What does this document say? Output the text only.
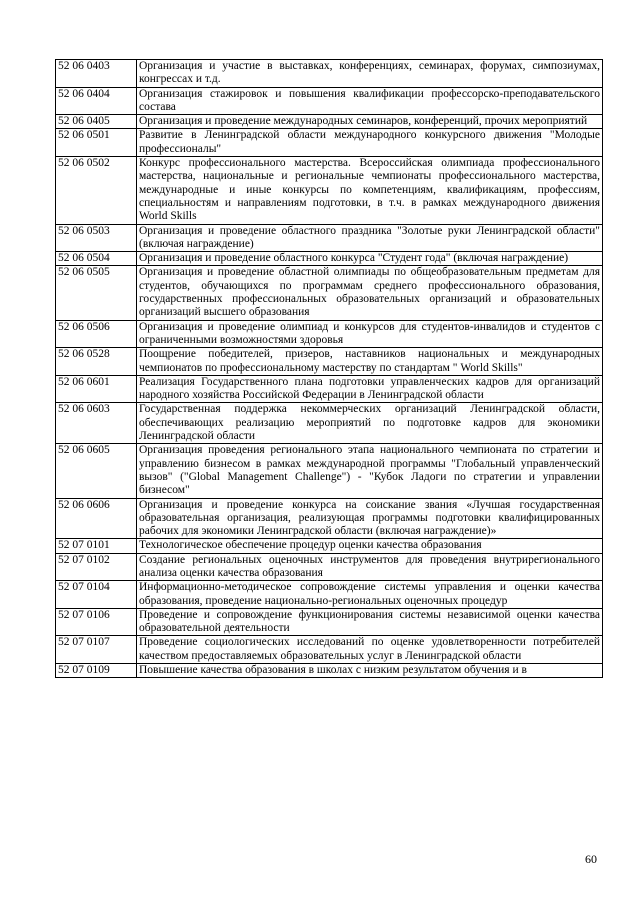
52 06 0403	Организация и участие в выставках, конференциях, семинарах, форумах, симпозиумах, конгрессах и т.д.
52 06 0404	Организация стажировок и повышения квалификации профессорско-преподавательского состава
52 06 0405	Организация и проведение международных семинаров, конференций, прочих мероприятий
52 06 0501	Развитие в Ленинградской области международного конкурсного движения "Молодые профессионалы"
52 06 0502	Конкурс профессионального мастерства. Всероссийская олимпиада профессионального мастерства, национальные и региональные чемпионаты профессионального мастерства, международные и иные конкурсы по компетенциям, квалификациям, профессиям, специальностям и направлениям подготовки, в т.ч. в рамках международного движения World Skills
52 06 0503	Организация и проведение областного праздника "Золотые руки Ленинградской области" (включая награждение)
52 06 0504	Организация и проведение областного конкурса "Студент года" (включая награждение)
52 06 0505	Организация и проведение областной олимпиады по общеобразовательным предметам для студентов, обучающихся по программам среднего профессионального образования, государственных профессиональных образовательных организаций и образовательных организаций высшего образования
52 06 0506	Организация и проведение олимпиад и конкурсов для студентов-инвалидов и студентов с ограниченными возможностями здоровья
52 06 0528	Поощрение победителей, призеров, наставников национальных и международных чемпионатов по профессиональному мастерству по стандартам " World Skills"
52 06 0601	Реализация Государственного плана подготовки управленческих кадров для организаций народного хозяйства Российской Федерации в Ленинградской области
52 06 0603	Государственная поддержка некоммерческих организаций Ленинградской области, обеспечивающих реализацию мероприятий по подготовке кадров для экономики Ленинградской области
52 06 0605	Организация проведения регионального этапа национального чемпионата по стратегии и управлению бизнесом в рамках международной программы "Глобальный управленческий вызов" ("Global Management Challenge") - "Кубок Ладоги по стратегии и управлении бизнесом"
52 06 0606	Организация и проведение конкурса на соискание звания «Лучшая государственная образовательная организация, реализующая программы подготовки квалифицированных рабочих для экономики Ленинградской области (включая награждение)»
52 07 0101	Технологическое обеспечение процедур оценки качества образования
52 07 0102	Создание региональных оценочных инструментов для проведения внутрирегионального анализа оценки качества образования
52 07 0104	Информационно-методическое сопровождение системы управления и оценки качества образования, проведение национально-региональных оценочных процедур
52 07 0106	Проведение и сопровождение функционирования системы независимой оценки качества образовательной деятельности
52 07 0107	Проведение социологических исследований по оценке удовлетворенности потребителей качеством предоставляемых образовательных услуг в Ленинградской области
52 07 0109	Повышение качества образования в школах с низким результатом обучения и в
60
